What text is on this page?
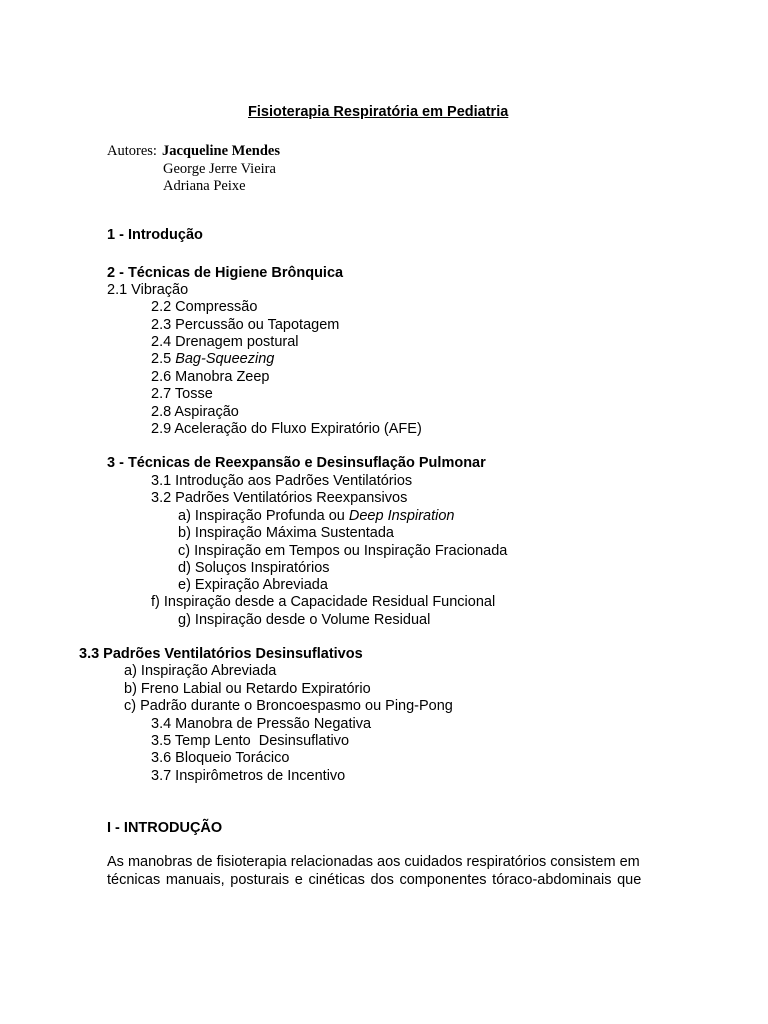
Fisioterapia Respiratória em Pediatria
Autores: Jacqueline Mendes
George Jerre Vieira
Adriana Peixe
1 - Introdução
2 - Técnicas de Higiene Brônquica
2.1 Vibração
2.2 Compressão
2.3 Percussão ou Tapotagem
2.4 Drenagem postural
2.5 Bag-Squeezing
2.6 Manobra Zeep
2.7 Tosse
2.8 Aspiração
2.9 Aceleração do Fluxo Expiratório (AFE)
3 - Técnicas de Reexpansão e Desinsuflação Pulmonar
3.1 Introdução aos Padrões Ventilatórios
3.2 Padrões Ventilatórios Reexpansivos
a) Inspiração Profunda ou Deep Inspiration
b) Inspiração Máxima Sustentada
c) Inspiração em Tempos ou Inspiração Fracionada
d) Soluços Inspiratórios
e) Expiração Abreviada
f) Inspiração desde a Capacidade Residual Funcional
g) Inspiração desde o Volume Residual
3.3 Padrões Ventilatórios Desinsuflativos
a) Inspiração Abreviada
b) Freno Labial ou Retardo Expiratório
c) Padrão durante o Broncoespasmo ou Ping-Pong
3.4 Manobra de Pressão Negativa
3.5 Temp Lento  Desinsuflativo
3.6 Bloqueio Torácico
3.7 Inspirômetros de Incentivo
I - INTRODUÇÃO
As manobras de fisioterapia relacionadas aos cuidados respiratórios consistem em
técnicas manuais, posturais e cinéticas dos componentes tóraco-abdominais que
